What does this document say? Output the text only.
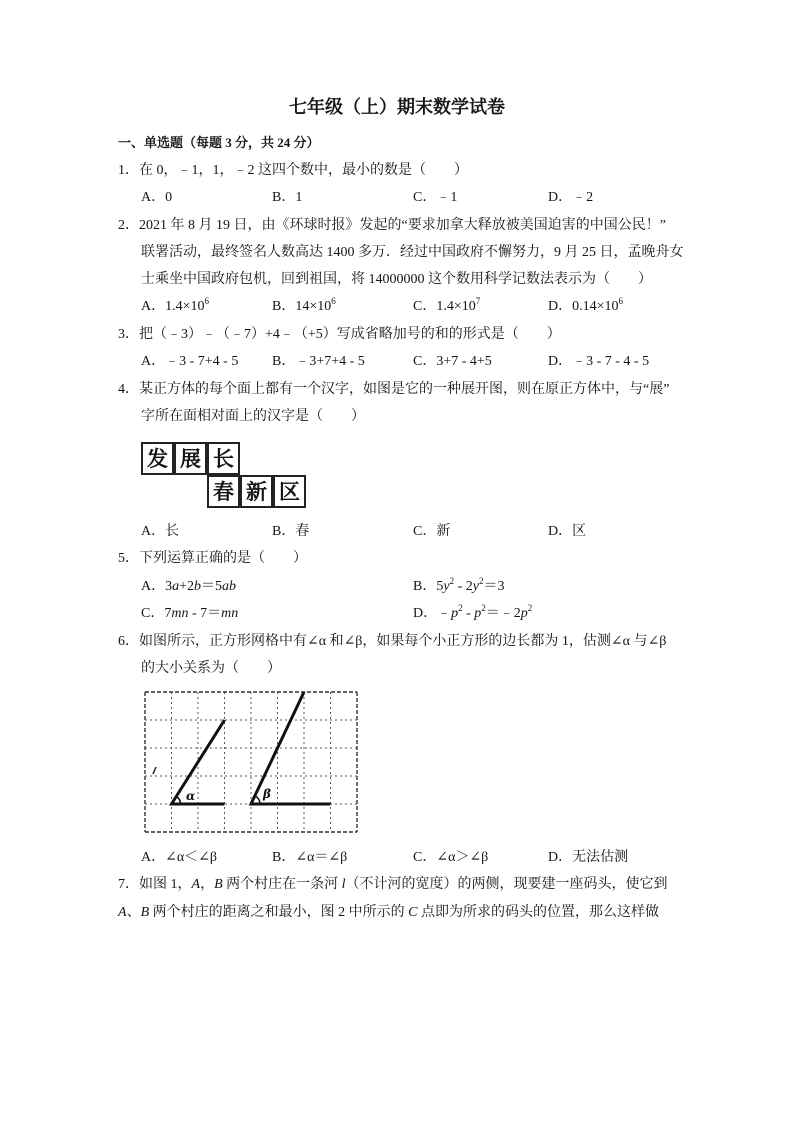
七年级（上）期末数学试卷
一、单选题（每题 3 分，共 24 分）
1．在 0，﹣1，1，﹣2 这四个数中，最小的数是（　　）
A．0	B．1	C．﹣1	D．﹣2
2．2021 年 8 月 19 日，由《环球时报》发起的“要求加拿大释放被美国迫害的中国公民！”
联署活动，最终签名人数高达 1400 多万．经过中国政府不懈努力，9 月 25 日，孟晚舟女
士乘坐中国政府包机，回到祖国，将 14000000 这个数用科学记数法表示为（　　）
A．$1.4\times 10^6$	B．$14\times 10^6$	C．$1.4\times 10^7$	D．$0.14\times 10^6$
3．把（﹣3）﹣（﹣7）+4﹣（+5）写成省略加号的和的形式是（　　）
A．﹣3 - 7+4 - 5 B．﹣3+7+4 - 5	C．3+7 - 4+5	D．﹣3 - 7 - 4 - 5
4．某正方体的每个面上都有一个汉字，如图是它的一种展开图，则在原正方体中，与“展”
字所在面相对面上的汉字是（　　）
发 展 长
春 新 区
A．长	B．春	C．新	D．区
5．下列运算正确的是（　　）
A．3a+2b＝5ab	B．$5y^2 - 2y^2=3$
C．7mn - 7＝mn	D．$﹣p^2$ - $p^2=﹣2p^2$
6．如图所示，正方形网格中有∠α 和∠β，如果每个小正方形的边长都为 1，估测∠α 与∠β
的大小关系为（　　）
α	β
A．∠α＜∠β	B．∠α＝∠β	C．∠α＞∠β	D．无法估测
7．如图 1，A，B 两个村庄在一条河 l（不计河的宽度）的两侧，现要建一座码头，使它到
A、B 两个村庄的距离之和最小，图 2 中所示的 C 点即为所求的码头的位置，那么这样做
